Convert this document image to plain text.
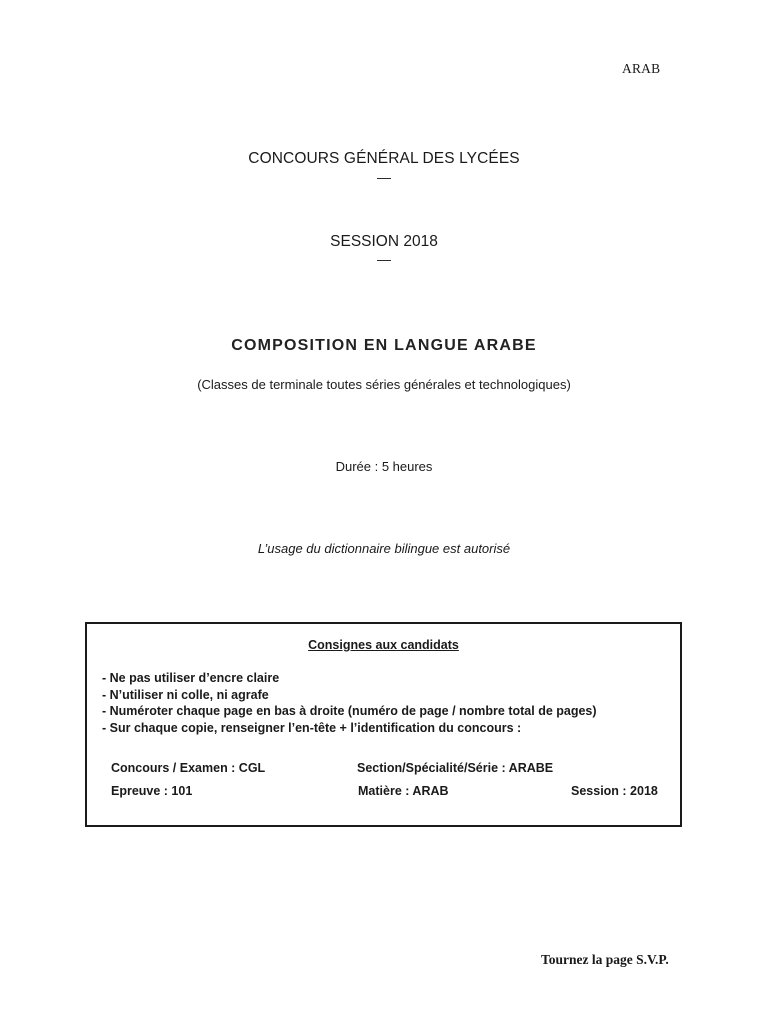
ARAB
CONCOURS GÉNÉRAL DES LYCÉES
—
SESSION 2018
—
COMPOSITION EN LANGUE ARABE
(Classes de terminale toutes séries générales et technologiques)
Durée : 5 heures
L’usage du dictionnaire bilingue est autorisé
Consignes aux candidats
- Ne pas utiliser d’encre claire
- N’utiliser ni colle, ni agrafe
- Numéroter chaque page en bas à droite (numéro de page / nombre total de pages)
- Sur chaque copie, renseigner l’en-tête + l’identification du concours :
Concours / Examen : CGL	Section/Spécialité/Série : ARABE
Epreuve : 101	Matière : ARAB	Session : 2018
Tournez la page S.V.P.
